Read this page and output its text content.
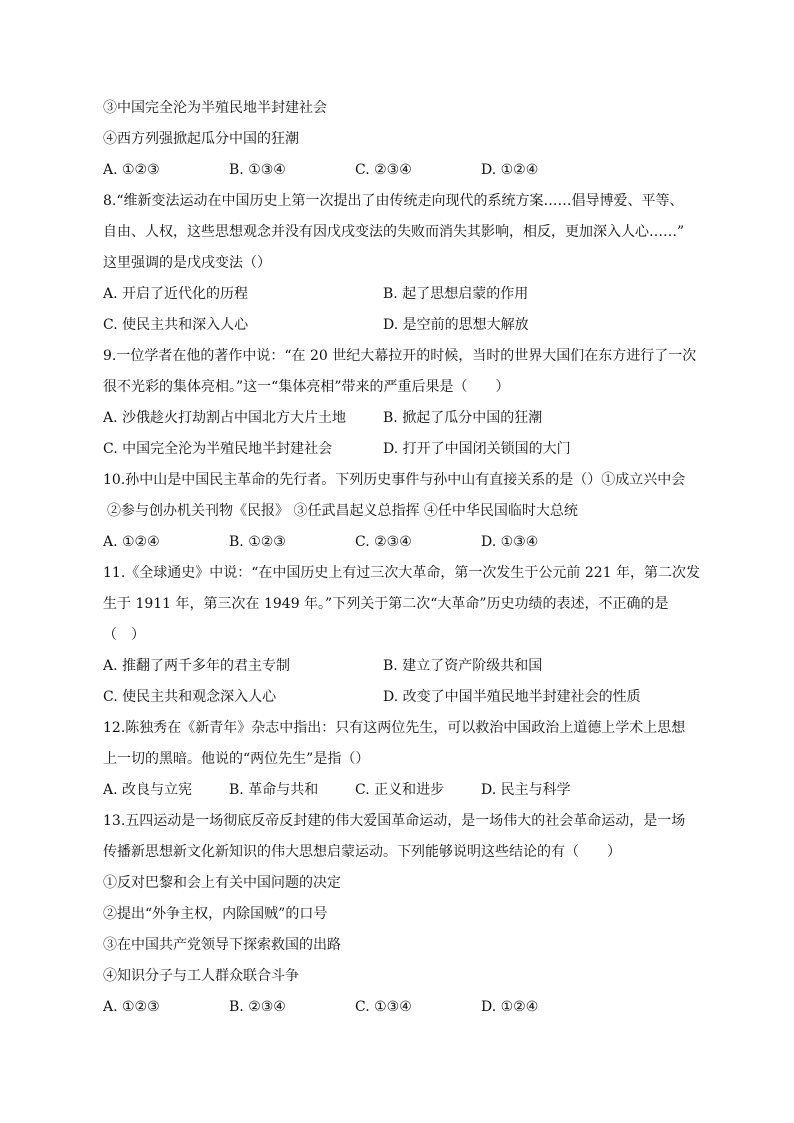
③中国完全沦为半殖民地半封建社会
④西方列强掀起瓜分中国的狂潮
A. ①②③	B. ①③④	C. ②③④	D. ①②④
8.“维新变法运动在中国历史上第一次提出了由传统走向现代的系统方案……倡导博爱、平等、
自由、人权，这些思想观念并没有因戊戌变法的失败而消失其影响，相反，更加深入人心……”
这里强调的是戊戌变法（）
A. 开启了近代化的历程	B. 起了思想启蒙的作用
C. 使民主共和深入人心	D. 是空前的思想大解放
9.一位学者在他的著作中说：“在 20 世纪大幕拉开的时候，当时的世界大国们在东方进行了一次
很不光彩的集体亮相。”这一“集体亮相”带来的严重后果是（　　）
A. 沙俄趁火打劫割占中国北方大片土地	B. 掀起了瓜分中国的狂潮
C. 中国完全沦为半殖民地半封建社会	D. 打开了中国闭关锁国的大门
10.孙中山是中国民主革命的先行者。下列历史事件与孙中山有直接关系的是（）①成立兴中会
②参与创办机关刊物《民报》 ③任武昌起义总指挥 ④任中华民国临时大总统
A. ①②④	B. ①②③	C. ②③④	D. ①③④
11.《全球通史》中说：“在中国历史上有过三次大革命，第一次发生于公元前 221 年，第二次发
生于 1911 年，第三次在 1949 年。”下列关于第二次“大革命”历史功绩的表述，不正确的是
（　）
A. 推翻了两千多年的君主专制	B. 建立了资产阶级共和国
C. 使民主共和观念深入人心	D. 改变了中国半殖民地半封建社会的性质
12.陈独秀在《新青年》杂志中指出：只有这两位先生，可以救治中国政治上道德上学术上思想
上一切的黑暗。他说的“两位先生”是指（）
A. 改良与立宪	B. 革命与共和	C. 正义和进步	D. 民主与科学
13.五四运动是一场彻底反帝反封建的伟大爱国革命运动，是一场伟大的社会革命运动，是一场
传播新思想新文化新知识的伟大思想启蒙运动。下列能够说明这些结论的有（　　）
①反对巴黎和会上有关中国问题的决定
②提出“外争主权，内除国贼”的口号
③在中国共产党领导下探索救国的出路
④知识分子与工人群众联合斗争
A. ①②③	B. ②③④	C. ①③④	D. ①②④
